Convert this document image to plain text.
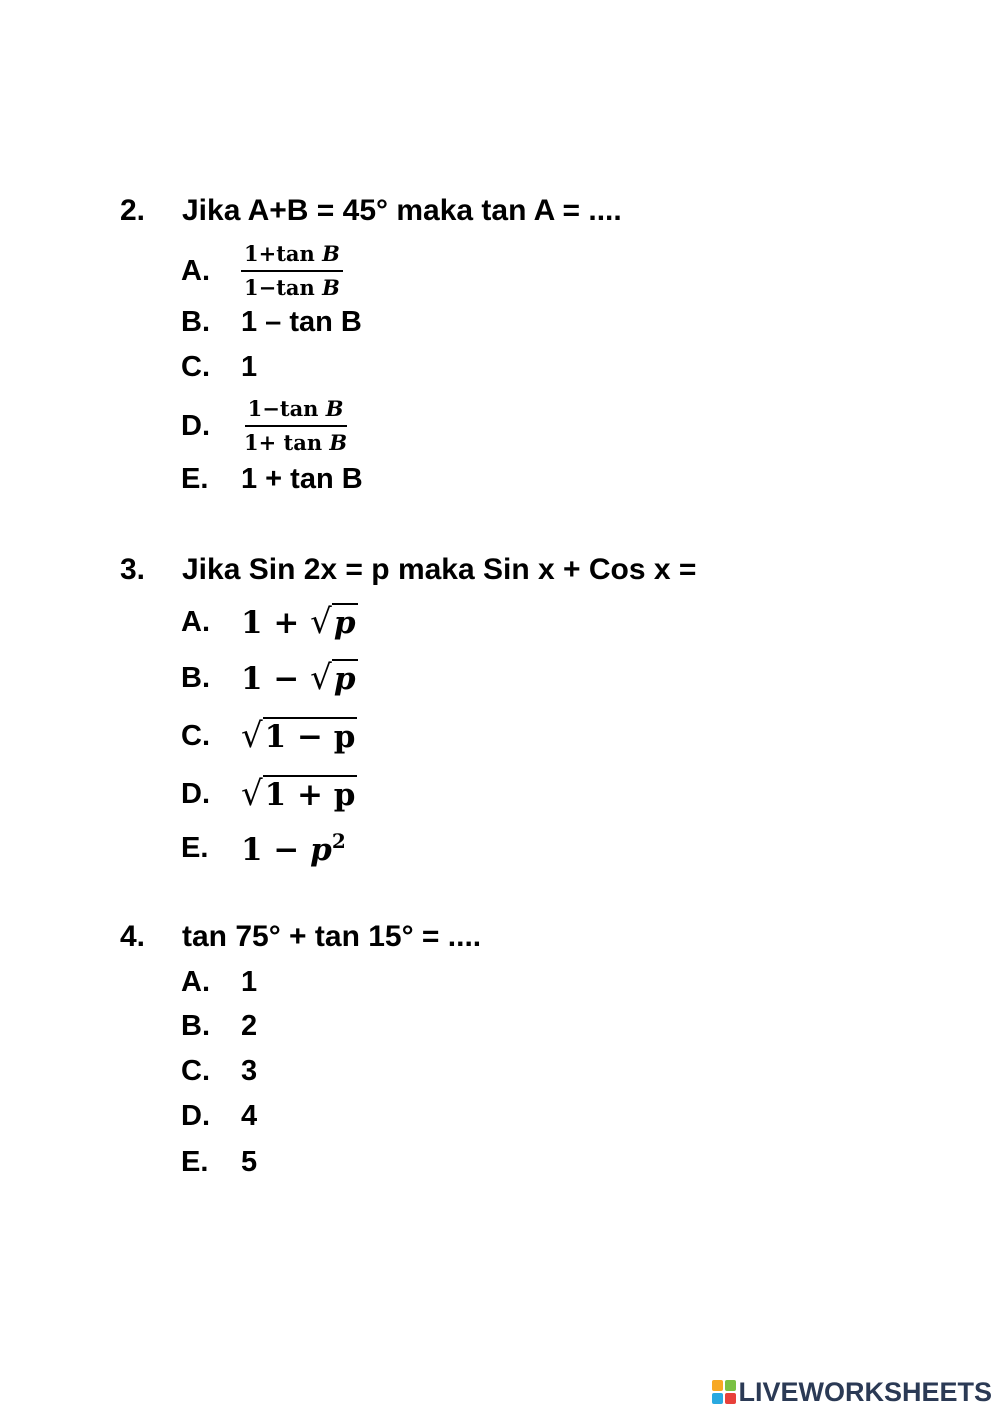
2. Jika A+B = 45° maka tan A = ....
A.	$\frac{\text{1+tan B}}{\text{1−tan B}}$
B.	1 – tan B
C.	1
D.	$\frac{\text{1−tan B}}{\text{1+ tan B}}$
E.	1 + tan B
3. Jika Sin 2x = p maka Sin x + Cos x =
A.	1 + √ p
B.	1 − √ p
C. √ 1 − p
D. √ 1 + p
E.	$1 - p^2$
4. tan 75° + tan 15° = ....
A.	1
B.	2
C.	3
D.	4
E.	5
LIVEWORKSHEETS
